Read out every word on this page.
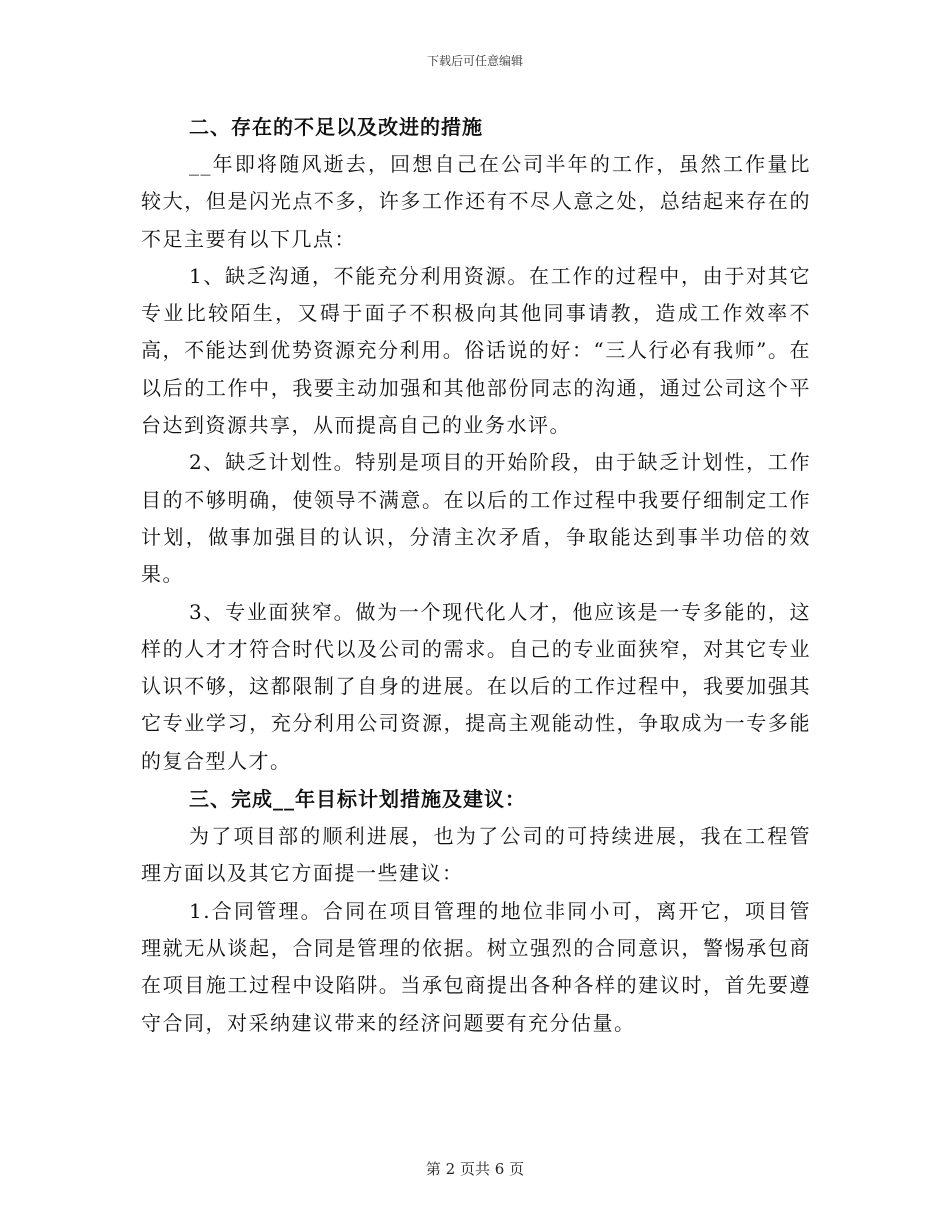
下载后可任意编辑
二、存在的不足以及改进的措施

__年即将随风逝去，回想自己在公司半年的工作，虽然工作量比较大，但是闪光点不多，许多工作还有不尽人意之处，总结起来存在的不足主要有以下几点：

1、缺乏沟通，不能充分利用资源。在工作的过程中，由于对其它专业比较陌生，又碍于面子不积极向其他同事请教，造成工作效率不高，不能达到优势资源充分利用。俗话说的好：“三人行必有我师”。在以后的工作中，我要主动加强和其他部份同志的沟通，通过公司这个平台达到资源共享，从而提高自己的业务水评。

2、缺乏计划性。特别是项目的开始阶段，由于缺乏计划性，工作目的不够明确，使领导不满意。在以后的工作过程中我要仔细制定工作计划，做事加强目的认识，分清主次矛盾，争取能达到事半功倍的效果。

3、专业面狭窄。做为一个现代化人才，他应该是一专多能的，这样的人才才符合时代以及公司的需求。自己的专业面狭窄，对其它专业认识不够，这都限制了自身的进展。在以后的工作过程中，我要加强其它专业学习，充分利用公司资源，提高主观能动性，争取成为一专多能的复合型人才。

三、完成__年目标计划措施及建议：

为了项目部的顺利进展，也为了公司的可持续进展，我在工程管理方面以及其它方面提一些建议：

1.合同管理。合同在项目管理的地位非同小可，离开它，项目管理就无从谈起，合同是管理的依据。树立强烈的合同意识，警惕承包商在项目施工过程中设陷阱。当承包商提出各种各样的建议时，首先要遵守合同，对采纳建议带来的经济问题要有充分估量。

第 2 页共 6 页
